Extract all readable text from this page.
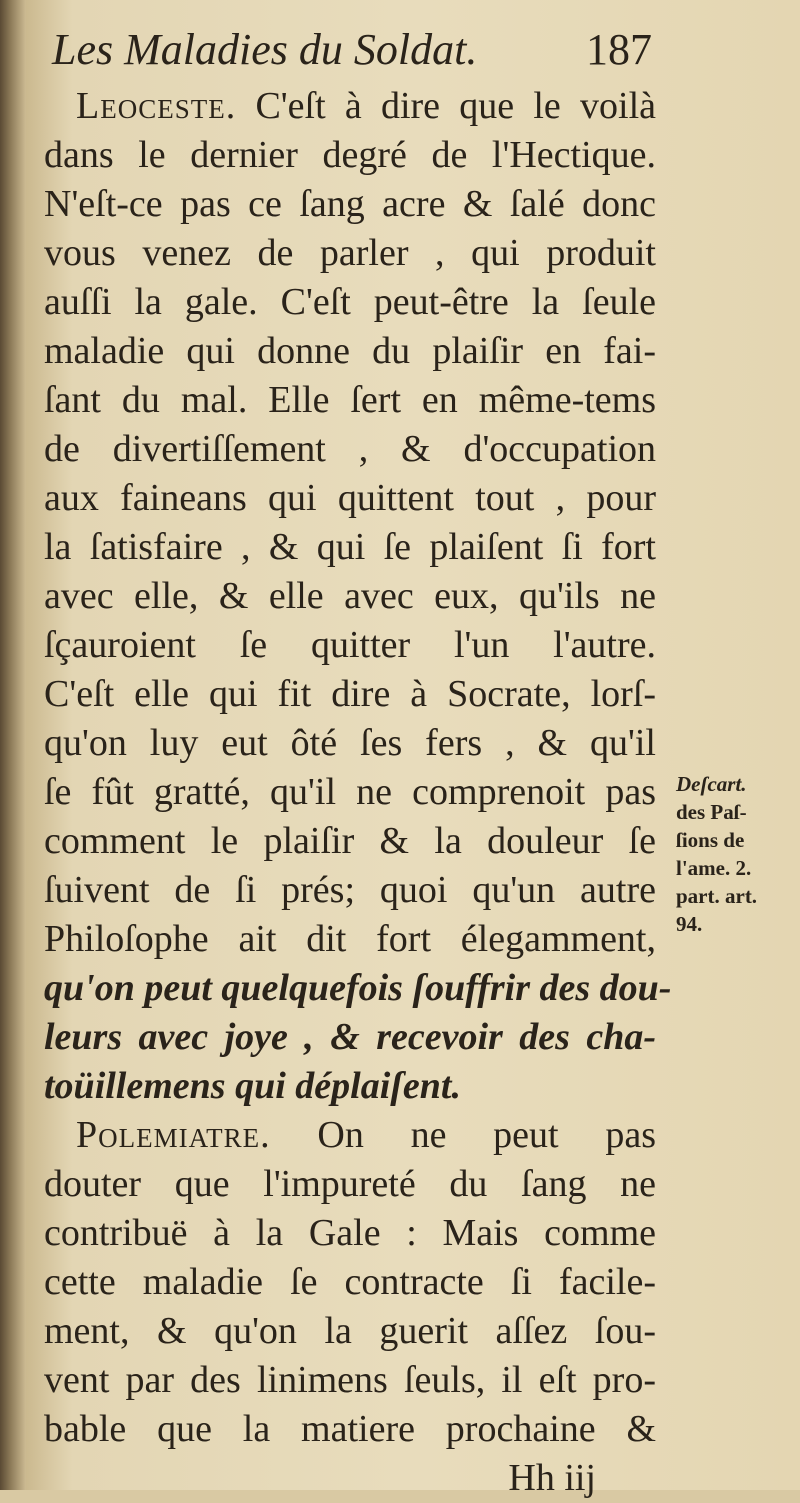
Les Maladies du Soldat. 187
Leoceste. C'eſt à dire que le voilà
dans le dernier degré de l'Hectique.
N'eſt-ce pas ce ſang acre & ſalé donc
vous venez de parler , qui produit
auſſi la gale. C'eſt peut-être la ſeule
maladie qui donne du plaiſir en fai-
ſant du mal. Elle ſert en même-tems
de divertiſſement , & d'occupation
aux faineans qui quittent tout , pour
la ſatisfaire , & qui ſe plaiſent ſi fort
avec elle, & elle avec eux, qu'ils ne
ſçauroient ſe quitter l'un l'autre.
C'eſt elle qui fit dire à Socrate, lorſ-
qu'on luy eut ôté ſes fers , & qu'il
ſe fût gratté, qu'il ne comprenoit pas
comment le plaiſir & la douleur ſe
ſuivent de ſi prés; quoi qu'un autre
Philoſophe ait dit fort élegamment,
qu'on peut quelquefois ſouffrir des dou-
leurs avec joye , & recevoir des cha-
toüillemens qui déplaiſent.
Polemiatre. On ne peut pas
douter que l'impureté du ſang ne
contribuë à la Gale : Mais comme
cette maladie ſe contracte ſi facile-
ment, & qu'on la guerit aſſez ſou-
vent par des linimens ſeuls, il eſt pro-
bable que la matiere prochaine &
Hh iij
Deſcart.
des Paſ-
ſions de
l'ame. 2.
part. art.
94.
